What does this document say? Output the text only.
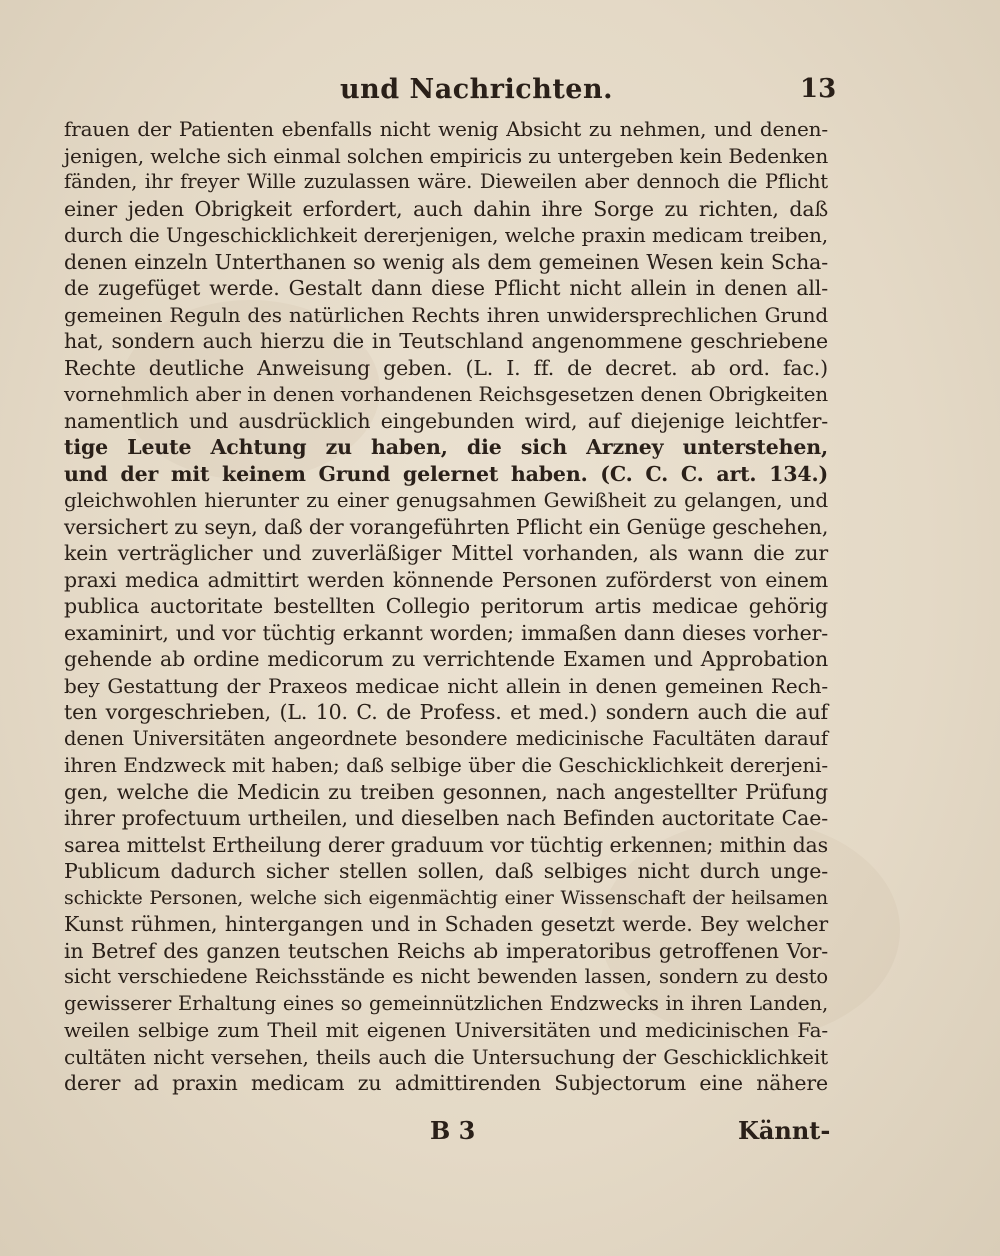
und Nachrichten.	13
frauen der Patienten ebenfalls nicht wenig Absicht zu nehmen, und denen-
jenigen, welche sich einmal solchen empiricis zu untergeben kein Bedenken
fänden, ihr freyer Wille zuzulassen wäre. Dieweilen aber dennoch die Pflicht
einer jeden Obrigkeit erfordert, auch dahin ihre Sorge zu richten, daß
durch die Ungeschicklichkeit dererjenigen, welche praxin medicam treiben,
denen einzeln Unterthanen so wenig als dem gemeinen Wesen kein Scha-
de zugefüget werde. Gestalt dann diese Pflicht nicht allein in denen all-
gemeinen Reguln des natürlichen Rechts ihren unwidersprechlichen Grund
hat, sondern auch hierzu die in Teutschland angenommene geschriebene
Rechte deutliche Anweisung geben. (L. I. ff. de decret. ab ord. fac.)
vornehmlich aber in denen vorhandenen Reichsgesetzen denen Obrigkeiten
namentlich und ausdrücklich eingebunden wird, auf diejenige leichtfer-
tige Leute Achtung zu haben, die sich Arzney unterstehen,
und der mit keinem Grund gelernet haben. (C. C. C. art. 134.)
gleichwohlen hierunter zu einer genugsahmen Gewißheit zu gelangen, und
versichert zu seyn, daß der vorangeführten Pflicht ein Genüge geschehen,
kein verträglicher und zuverläßiger Mittel vorhanden, als wann die zur
praxi medica admittirt werden könnende Personen zuförderst von einem
publica auctoritate bestellten Collegio peritorum artis medicae gehörig
examinirt, und vor tüchtig erkannt worden; immaßen dann dieses vorher-
gehende ab ordine medicorum zu verrichtende Examen und Approbation
bey Gestattung der Praxeos medicae nicht allein in denen gemeinen Rech-
ten vorgeschrieben, (L. 10. C. de Profess. et med.) sondern auch die auf
denen Universitäten angeordnete besondere medicinische Facultäten darauf
ihren Endzweck mit haben; daß selbige über die Geschicklichkeit dererjeni-
gen, welche die Medicin zu treiben gesonnen, nach angestellter Prüfung
ihrer profectuum urtheilen, und dieselben nach Befinden auctoritate Cae-
sarea mittelst Ertheilung derer graduum vor tüchtig erkennen; mithin das
Publicum dadurch sicher stellen sollen, daß selbiges nicht durch unge-
schickte Personen, welche sich eigenmächtig einer Wissenschaft der heilsamen
Kunst rühmen, hintergangen und in Schaden gesetzt werde. Bey welcher
in Betref des ganzen teutschen Reichs ab imperatoribus getroffenen Vor-
sicht verschiedene Reichsstände es nicht bewenden lassen, sondern zu desto
gewisserer Erhaltung eines so gemeinnützlichen Endzwecks in ihren Landen,
weilen selbige zum Theil mit eigenen Universitäten und medicinischen Fa-
cultäten nicht versehen, theils auch die Untersuchung der Geschicklichkeit
derer ad praxin medicam zu admittirenden Subjectorum eine nähere
B 3	Kännt-
